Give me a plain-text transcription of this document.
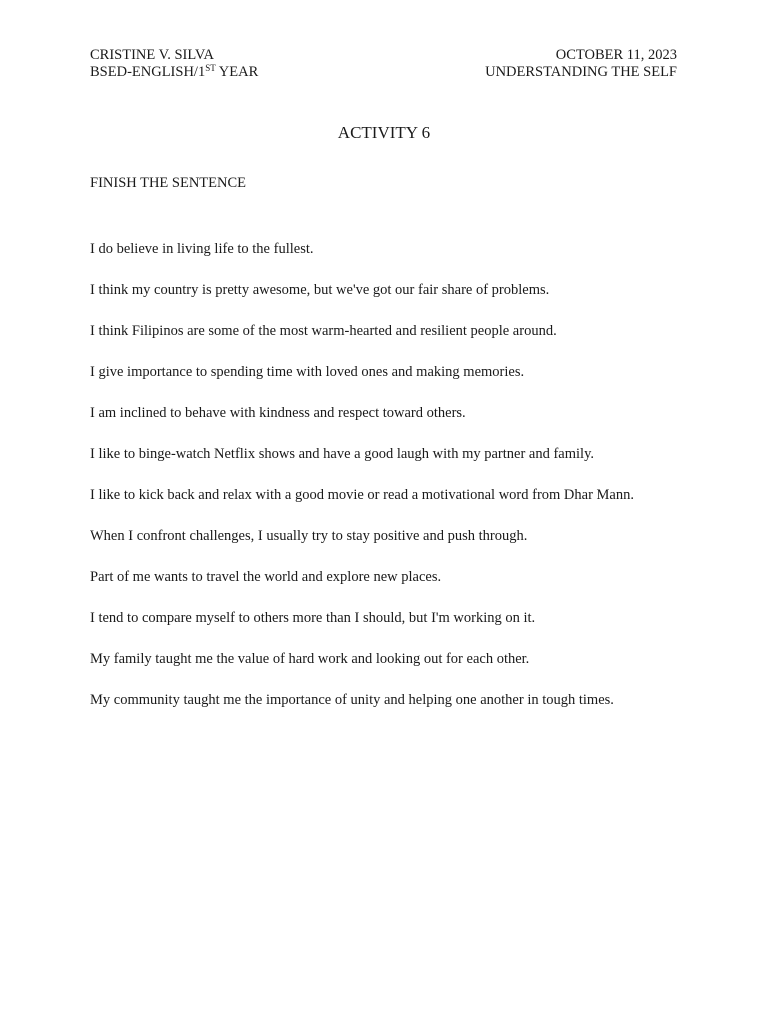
CRISTINE V. SILVA
BSED-ENGLISH/1ST YEAR
OCTOBER 11, 2023
UNDERSTANDING THE SELF
ACTIVITY 6
FINISH THE SENTENCE
I do believe in living life to the fullest.
I think my country is pretty awesome, but we've got our fair share of problems.
I think Filipinos are some of the most warm-hearted and resilient people around.
I give importance to spending time with loved ones and making memories.
I am inclined to behave with kindness and respect toward others.
I like to binge-watch Netflix shows and have a good laugh with my partner and family.
I like to kick back and relax with a good movie or read a motivational word from Dhar Mann.
When I confront challenges, I usually try to stay positive and push through.
Part of me wants to travel the world and explore new places.
I tend to compare myself to others more than I should, but I'm working on it.
My family taught me the value of hard work and looking out for each other.
My community taught me the importance of unity and helping one another in tough times.
